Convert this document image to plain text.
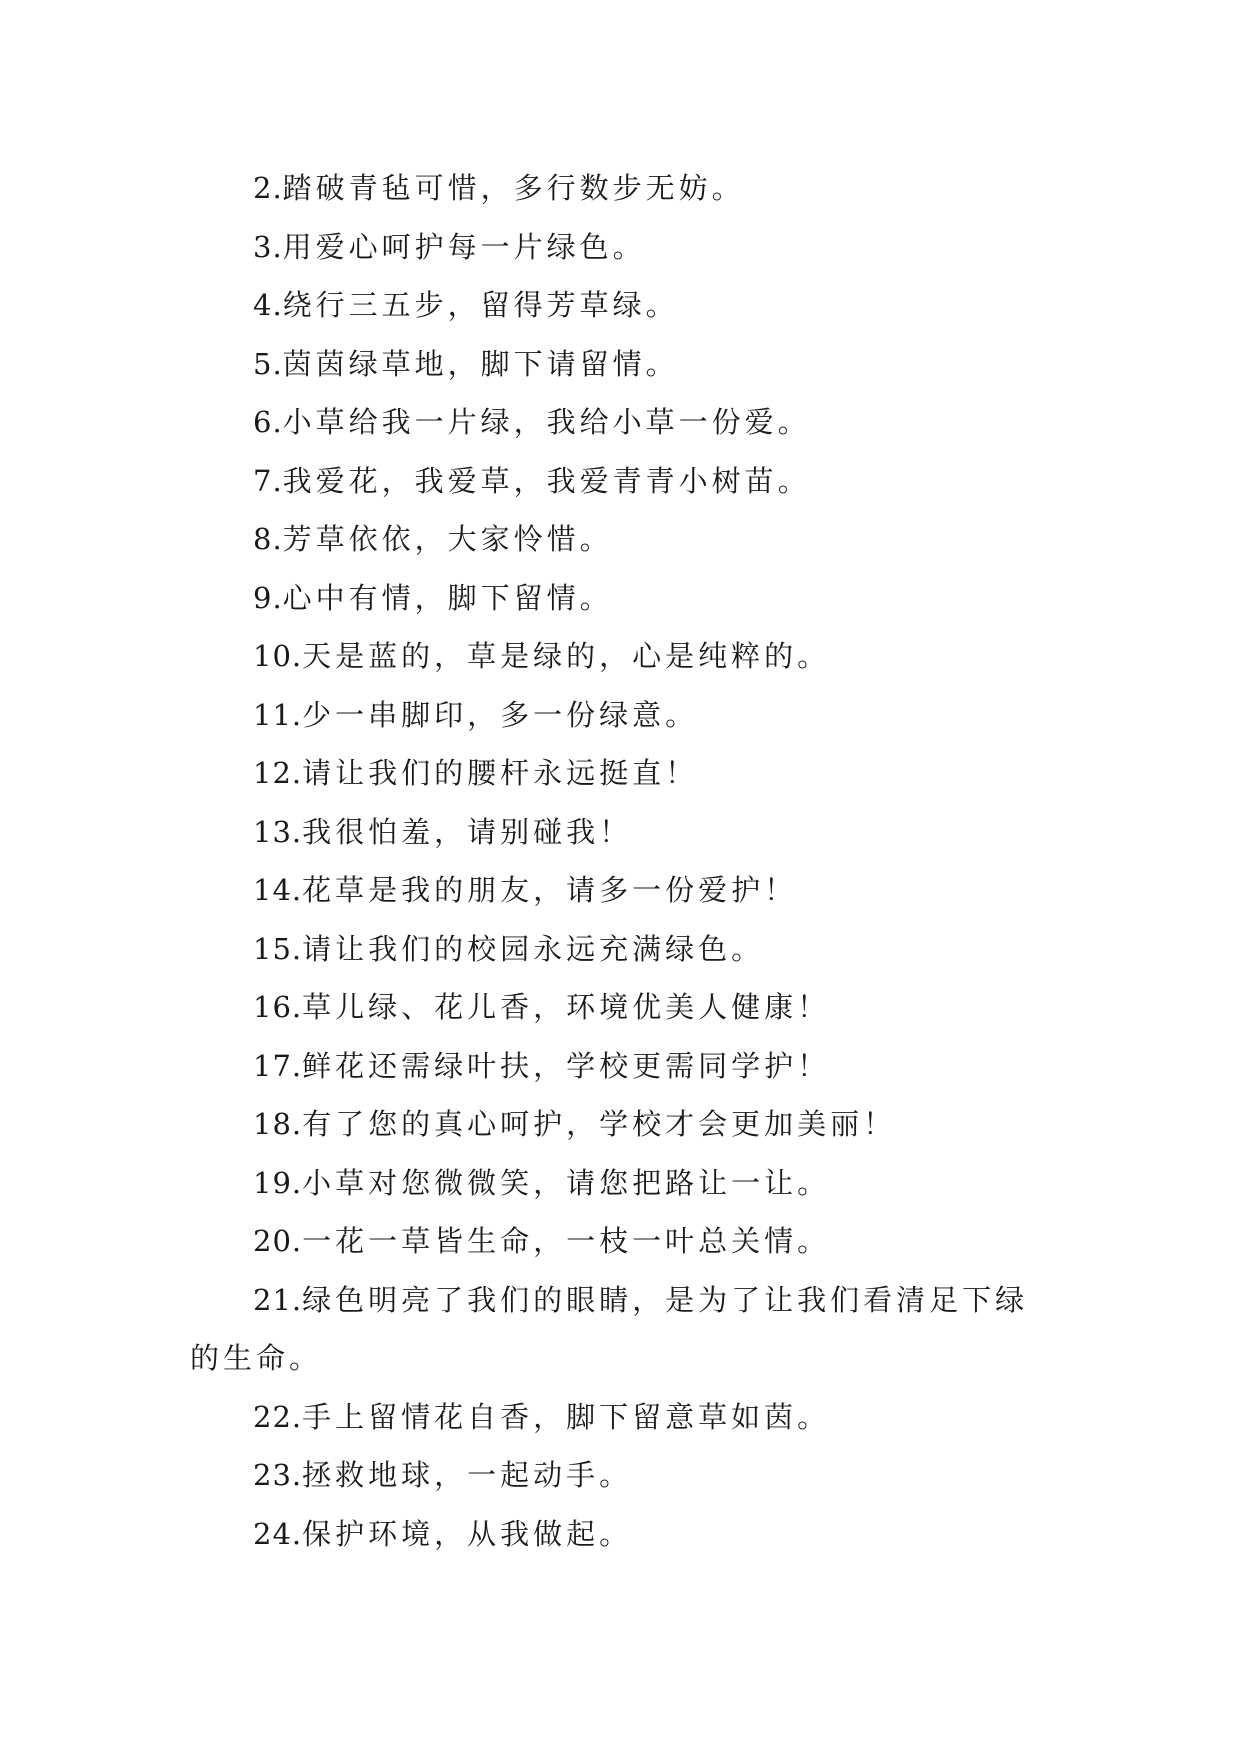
2.踏破青毡可惜，多行数步无妨。
3.用爱心呵护每一片绿色。
4.绕行三五步，留得芳草绿。
5.茵茵绿草地，脚下请留情。
6.小草给我一片绿，我给小草一份爱。
7.我爱花，我爱草，我爱青青小树苗。
8.芳草依依，大家怜惜。
9.心中有情，脚下留情。
10.天是蓝的，草是绿的，心是纯粹的。
11.少一串脚印，多一份绿意。
12.请让我们的腰杆永远挺直！
13.我很怕羞，请别碰我！
14.花草是我的朋友，请多一份爱护！
15.请让我们的校园永远充满绿色。
16.草儿绿、花儿香，环境优美人健康！
17.鲜花还需绿叶扶，学校更需同学护！
18.有了您的真心呵护，学校才会更加美丽！
19.小草对您微微笑，请您把路让一让。
20.一花一草皆生命，一枝一叶总关情。
21.绿色明亮了我们的眼睛，是为了让我们看清足下绿
的生命。
22.手上留情花自香，脚下留意草如茵。
23.拯救地球，一起动手。
24.保护环境，从我做起。
